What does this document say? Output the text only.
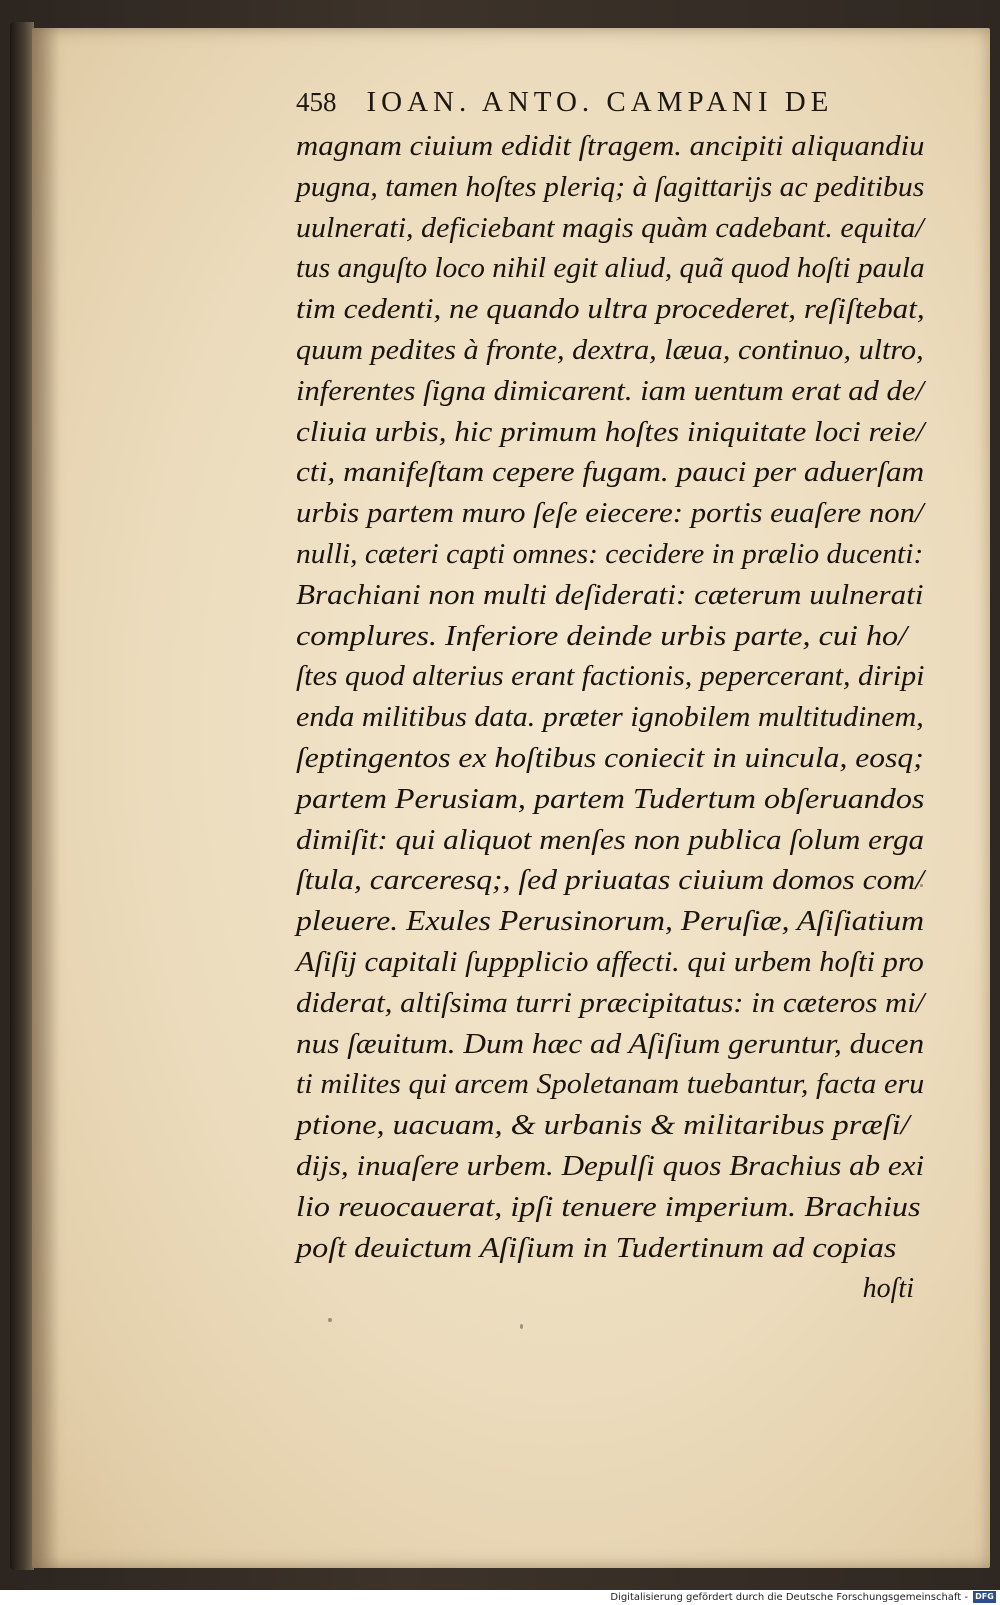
458 IOAN. ANTO. CAMPANI DE
magnam ciuium edidit ſtragem. ancipiti aliquandiu
pugna, tamen hoſtes pleriq; à ſagittarijs ac peditibus
uulnerati, deficiebant magis quàm cadebant. equita/
tus anguſto loco nihil egit aliud, quã quod hoſti paula
tim cedenti, ne quando ultra procederet, reſiſtebat,
quum pedites à fronte, dextra, læua, continuo, ultro,
inferentes ſigna dimicarent. iam uentum erat ad de/
cliuia urbis, hic primum hoſtes iniquitate loci reie/
cti, manifeſtam cepere fugam. pauci per aduerſam
urbis partem muro ſeſe eiecere: portis euaſere non/
nulli, cæteri capti omnes: cecidere in prælio ducenti:
Brachiani non multi deſiderati: cæterum uulnerati
complures. Inferiore deinde urbis parte, cui ho/
ſtes quod alterius erant factionis, pepercerant, diripi
enda militibus data. præter ignobilem multitudinem,
ſeptingentos ex hoſtibus coniecit in uincula, eosq;
partem Perusiam, partem Tudertum obſeruandos
dimiſit: qui aliquot menſes non publica ſolum erga
ſtula, carceresq;, ſed priuatas ciuium domos com/
pleuere. Exules Perusinorum, Peruſiæ, Aſiſiatium
Aſiſij capitali ſuppplicio affecti. qui urbem hoſti pro
diderat, altiſsima turri præcipitatus: in cæteros mi/
nus ſæuitum. Dum hæc ad Aſiſium geruntur, ducen
ti milites qui arcem Spoletanam tuebantur, facta eru
ptione, uacuam, & urbanis & militaribus præſi/
dijs, inuaſere urbem. Depulſi quos Brachius ab exi
lio reuocauerat, ipſi tenuere imperium. Brachius
poſt deuictum Aſiſium in Tudertinum ad copias
hoſti
Digitalisierung gefördert durch die Deutsche Forschungsgemeinschaft - DFG
